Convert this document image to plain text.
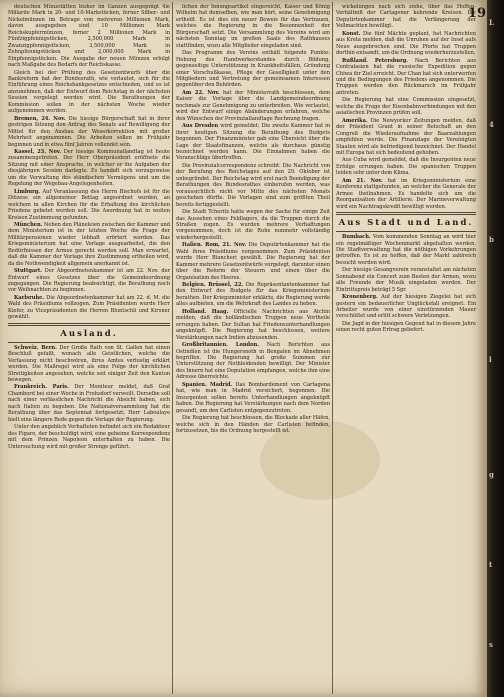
deutschen Münzstätten bisher im Ganzen ausgeprägt 4ie Millarde Mark in 20- und 10-Markstücken, ferner Silber- und Nickelmünzen im Betrage von mehreren Millionen Mark, davon ausgegeben sind 10 Millionen Mark Reichskupfermünzen, ferner 2 Millionen Mark in Fünfzigpfennigstücken, 2,500,000 Mark in Zwanzigpfennigstücken, 3,500,000 Mark in Zehnpfennigstücken und 2,000,000 Mark in Einpfennigstücken. Die Ausgabe der neuen Münzen erfolgt nach Maßgabe des Bedarfs der Reichskasse.

Gleich bei der Prüfung des Gesetzentwurfs über die Bankreform hat der Bundesrath, wie verlautet, sich für die Einführung eines Reichsbankgesetzes entschieden, und es ist anzunehmen, daß der Entwurf dem Reichstag in der nächsten Session vorgelegt werden wird. Die Berathungen der Kommission sollen in der nächsten Woche wieder aufgenommen werden.

Bremen, 24. Nov. Die hiesige Bürgerschaft hat in ihrer gestrigen Sitzung den Antrag des Senats auf Bewilligung der Mittel für den Ausbau der Weserkorrektion mit großer Mehrheit angenommen. Die Arbeiten sollen im Frühjahr beginnen und in etwa fünf Jahren vollendet sein.

Kassel, 23. Nov. Der hiesige Kommunallandtag ist heute zusammengetreten. Der Herr Oberpräsident eröffnete die Sitzung mit einer Ansprache, in welcher er die Aufgaben der diesjährigen Session darlegte. Es handelt sich vorzugsweise um die Verwaltung des ständischen Vermögens und um die Regelung der Wegebau-Angelegenheiten.

Limburg. Auf Veranlassung des Herrn Bischofs ist für die Diözese ein allgemeiner Bettag angeordnet worden, an welchem in allen Kirchen für die Erhaltung des kirchlichen Friedens gebetet werden soll. Die Anordnung hat in weiten Kreisen Zustimmung gefunden.

München. Neben den Pläneleien zwischen der Kammer und dem Ministerium ist in der letzten Woche die Frage der Militärpensionen wieder lebhaft erörtert worden. Das Kriegsministerium hat eine Vorlage ausgearbeitet, die den Bedürfnissen der Armee gerecht werden soll. Man erwartet, daß die Kammer der Vorlage ihre Zustimmung ertheilen wird, da die Nothwendigkeit allgemein anerkannt ist.

Stuttgart. Der Abgeordnetenkammer ist am 22. Nov. der Entwurf eines Gesetzes über die Gemeindeordnung zugegangen. Die Regierung beabsichtigt, die Berathung noch vor Weihnachten zu beginnen.

Karlsruhe. Die Abgeordnetenkammer hat am 22. d. M. die Wahl des Präsidiums vollzogen. Zum Präsidenten wurde Herr Kiefer, zu Vicepräsidenten die Herren Bluntschli und Kirsner gewählt.

Ausland.

Schweiz. Bern. Der Große Rath von St. Gallen hat einen Beschluß gefaßt, wonach alle Geistlichen, welche die Verfassung nicht beschwören, ihres Amtes verlustig erklärt werden. Die Maßregel wird als eine Folge der kirchlichen Streitigkeiten angesehen, welche seit einiger Zeit den Kanton bewegen.

Frankreich. Paris. Der Moniteur meldet, daß Graf Chambord bei einer Woche in Frohsdorf verweilt. Derselbe soll nach einer verlässlichen Nachricht die Absicht haben, sich nach Italien zu begeben. Die Nationalversammlung hat die Berathung über das Septennat fortgesetzt; Herr Laboulaye hielt eine längere Rede gegen die Vorlage der Regierung.

Unter den angeblich Verhafteten befindet sich ein Redakteur des Figaro, der beschuldigt wird, eine geheime Korrespondenz mit dem Prinzen Napoleon unterhalten zu haben. Die Untersuchung wird mit großer Strenge geführt.

lichen der Innungsartikel eingereicht, Kaiser und König Wilhelm hat demselben, wie man hört, seine Genehmigung ertheilt. Es ist dies ein neuer Beweis für das Vertrauen, welches die Regierung in die Besonnenheit der Bürgerschaft setzt. Die Versammlung des Vereins wird am nächsten Sonntag im großen Saale des Rathhauses stattfinden, wozu alle Mitglieder eingeladen sind.

Das Programm des Vereins enthält folgende Punkte: Hebung des Handwerkerstandes durch Bildung, gegenseitige Unterstützung in Krankheitsfällen, Gründung einer Vorschußkasse, Pflege der Geselligkeit unter den Mitgliedern und Vertretung der gemeinsamen Interessen gegenüber den Behörden.

Am 22. Nov. hat der Ministerrath beschlossen, dem Kaiser die Vorlage über die Landgemeindeordnung nochmals zur Genehmigung zu unterbreiten. Wie verlautet, wird der Entwurf einige Abänderungen erfahren, welche den Wünschen der Provinziallandtage Rechnung tragen.

Aus Dresden wird gemeldet: Die zweite Kammer hat in ihrer heutigen Sitzung die Berathung des Budgets begonnen. Der Finanzminister gab eine Übersicht über die Lage der Staatsfinanzen, welche als durchaus günstig bezeichnet werden kann. Die Einnahmen haben die Voranschläge übertroffen.

Die Provinzialcorrespondenz schreibt: Die Nachricht von der Berufung des Reichstages auf den 29. Oktober ist unbegründet. Der Reichstag wird erst nach Beendigung der Berathungen des Bundesrathes einberufen werden, was voraussichtlich nicht vor Mitte des nächsten Monats geschehen dürfte. Die Vorlagen sind zum größten Theil bereits fertiggestellt.

Die Stadt Tcheritz hatte wegen der Sache für einige Zeit das Aussehen eines Feldlagers, da die Truppen durch die Straßen zogen. Es wurden mehrere Verhaftungen vorgenommen, doch ist die Ruhe nunmehr vollständig wiederhergestellt.

Italien. Rom, 21. Nov. Die Deputirtenkammer hat die Wahl ihres Präsidiums vorgenommen. Zum Präsidenten wurde Herr Biancheri gewählt. Die Regierung hat der Kammer mehrere Gesetzentwürfe vorgelegt, darunter einen über die Reform der Steuern und einen über die Organisation des Heeres.

Belgien. Brüssel, 22. Die Repräsentantenkammer hat den Entwurf des Budgets für das Kriegsministerium berathen. Der Kriegsminister erklärte, die Regierung werde alles aufbieten, um die Wehrkraft des Landes zu heben.

Holland. Haag. Officielle Nachrichten aus Atchin melden, daß die holländischen Truppen neue Vortheile errungen haben. Der Sultan hat Friedensunterhandlungen angeknüpft. Die Regierung hat beschlossen, weitere Verstärkungen nach Indien abzusenden.

Großbritannien. London. Nach Berichten aus Ostindien ist die Hungersnoth in Bengalen im Abnehmen begriffen. Die Regierung hat große Summen zur Unterstützung der Nothleidenden bewilligt. Der Minister des Innern hat eine Deputation empfangen, welche ihm eine Adresse überreichte.

Spanien. Madrid. Das Bombardement von Cartagena hat, wie man in Madrid versichert, begonnen. Die Insurgenten sollen bereits Unterhandlungen angeknüpft haben. Die Regierung hat Verstärkungen nach dem Norden gesandt, um den Carlisten entgegenzutreten.

Die Regierung hat beschlossen, die Blockade aller Häfen, welche sich in den Händen der Carlisten befinden, fortzusetzen, bis die Ordnung hergestellt ist.

wickelungen nach sich ziehe, über das Hoffen-Verhältniß der Cartagener kehrende Kreisen. Die Deputirtenkammer hat die Verlängerung der Vollmachten bewilligt.

Konst. Die fünf Mächte geplant, hat Nachrichten aus Kreta melden, daß die Unruhen auf der Insel aufs Neue ausgebrochen sind. Die Pforte hat Truppen dorthin entsandt, um die Ordnung wiederherzustellen.

Rußland. Petersburg. Nach Berichten aus Centralasien hat die russische Expedition gegen Chiwa ihr Ziel erreicht. Der Chan hat sich unterworfen und die Bedingungen des Friedens angenommen. Die Truppen werden den Rückmarsch im Frühjahr antreten.

Die Regierung hat eine Commission eingesetzt, welche die Frage der Eisenbahnverbindungen mit den asiatischen Provinzen prüfen soll.

Amerika. Die Newyorker Zeitungen melden, daß der Präsident Grant in seiner Botschaft an den Congreß die Wiederaufnahme der Baarzahlungen empfehlen werde. Die Finanzlage der Vereinigten Staaten wird als befriedigend bezeichnet. Der Handel mit Europa hat sich bedeutend gehoben.

Aus Cuba wird gemeldet, daß die Insurgenten neue Erfolge errungen haben. Die spanischen Truppen leiden sehr unter dem Klima.

Am 21. Nov. hat im Kriegsministerium eine Konferenz stattgefunden, an welcher die Generale der Armee theilnahmen. Es handelte sich um die Reorganisation der Artillerie. Der Marineverwaltung wird ein Nachtragskredit bewilligt werden.

Aus Stadt und Land.

Bumbach. Vom kommenden Sonntag an wird hier ein regelmäßiger Wochenmarkt abgehalten werden. Die Stadtverwaltung hat die nöthigen Vorkehrungen getroffen. Es ist zu hoffen, daß der Markt zahlreich besucht werden wird.

Der hiesige Gesangverein veranstaltet am nächsten Sonnabend ein Concert zum Besten der Armen, wozu alle Freunde der Musik eingeladen werden. Der Eintrittspreis beträgt 5 Sgr.

Kronenberg. Auf der hiesigen Ziegelei hat sich gestern ein bedauerlicher Unglücksfall ereignet. Ein Arbeiter wurde von einer einstürzenden Mauer verschüttet und erlitt schwere Verletzungen.

Die Jagd in der hiesigen Gegend hat in diesem Jahre einen recht guten Ertrag geliefert.

19
L
4
b
l
g
t
s
